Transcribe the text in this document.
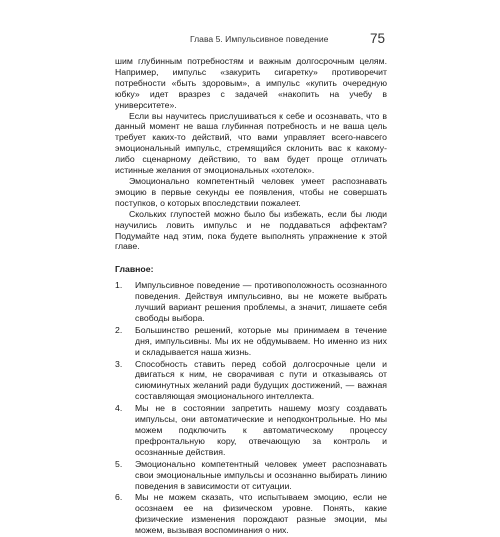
Глава 5. Импульсивное поведение	75

шим глубинным потребностям и важным долгосрочным целям. Например, импульс «закурить сигаретку» противоречит потребности «быть здоровым», а импульс «купить очередную юбку» идет вразрез с задачей «накопить на учебу в университете».

Если вы научитесь прислушиваться к себе и осознавать, что в данный момент не ваша глубинная потребность и не ваша цель требует каких-то действий, что вами управляет всего-навсего эмоциональный импульс, стремящийся склонить вас к какому-либо сценарному действию, то вам будет проще отличать истинные желания от эмоциональных «хотелок».

Эмоционально компетентный человек умеет распознавать эмоцию в первые секунды ее появления, чтобы не совершать поступков, о которых впоследствии пожалеет.

Скольких глупостей можно было бы избежать, если бы люди научились ловить импульс и не поддаваться аффектам? Подумайте над этим, пока будете выполнять упражнение к этой главе.

Главное:

1.	Импульсивное поведение — противоположность осознанного поведения. Действуя импульсивно, вы не можете выбрать лучший вариант решения проблемы, а значит, лишаете себя свободы выбора.
2.	Большинство решений, которые мы принимаем в течение дня, импульсивны. Мы их не обдумываем. Но именно из них и складывается наша жизнь.
3.	Способность ставить перед собой долгосрочные цели и двигаться к ним, не сворачивая с пути и отказываясь от сиюминутных желаний ради будущих достижений, — важная составляющая эмоционального интеллекта.
4.	Мы не в состоянии запретить нашему мозгу создавать импульсы, они автоматические и неподконтрольные. Но мы можем подключить к автоматическому процессу префронтальную кору, отвечающую за контроль и осознанные действия.
5.	Эмоционально компетентный человек умеет распознавать свои эмоциональные импульсы и осознанно выбирать линию поведения в зависимости от ситуации.
6.	Мы не можем сказать, что испытываем эмоцию, если не осознаем ее на физическом уровне. Понять, какие физические изменения порождают разные эмоции, мы можем, вызывая воспоминания о них.
